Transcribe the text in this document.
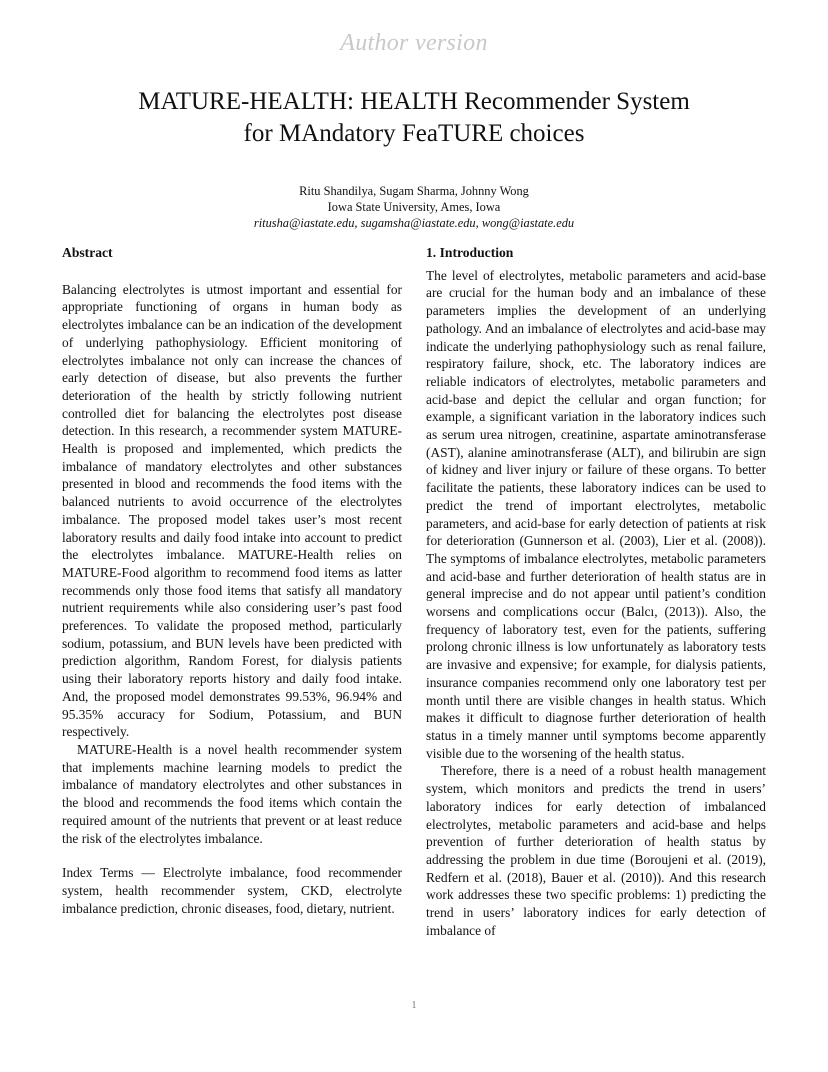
Author version
MATURE-HEALTH: HEALTH Recommender System
for MAndatory FeaTURE choices
Ritu Shandilya, Sugam Sharma, Johnny Wong
Iowa State University, Ames, Iowa
ritusha@iastate.edu, sugamsha@iastate.edu, wong@iastate.edu
Abstract

Balancing electrolytes is utmost important and essential for appropriate functioning of organs in human body as electrolytes imbalance can be an indication of the development of underlying pathophysiology. Efficient monitoring of electrolytes imbalance not only can increase the chances of early detection of disease, but also prevents the further deterioration of the health by strictly following nutrient controlled diet for balancing the electrolytes post disease detection. In this research, a recommender system MATURE-Health is proposed and implemented, which predicts the imbalance of mandatory electrolytes and other substances presented in blood and recommends the food items with the balanced nutrients to avoid occurrence of the electrolytes imbalance. The proposed model takes user’s most recent laboratory results and daily food intake into account to predict the electrolytes imbalance. MATURE-Health relies on MATURE-Food algorithm to recommend food items as latter recommends only those food items that satisfy all mandatory nutrient requirements while also considering user’s past food preferences. To validate the proposed method, particularly sodium, potassium, and BUN levels have been predicted with prediction algorithm, Random Forest, for dialysis patients using their laboratory reports history and daily food intake. And, the proposed model demonstrates 99.53%, 96.94% and 95.35% accuracy for Sodium, Potassium, and BUN respectively.

MATURE-Health is a novel health recommender system that implements machine learning models to predict the imbalance of mandatory electrolytes and other substances in the blood and recommends the food items which contain the required amount of the nutrients that prevent or at least reduce the risk of the electrolytes imbalance.

Index Terms — Electrolyte imbalance, food recommender system, health recommender system, CKD, electrolyte imbalance prediction, chronic diseases, food, dietary, nutrient.

1. Introduction

The level of electrolytes, metabolic parameters and acid-base are crucial for the human body and an imbalance of these parameters implies the development of an underlying pathology. And an imbalance of electrolytes and acid-base may indicate the underlying pathophysiology such as renal failure, respiratory failure, shock, etc. The laboratory indices are reliable indicators of electrolytes, metabolic parameters and acid-base and depict the cellular and organ function; for example, a significant variation in the laboratory indices such as serum urea nitrogen, creatinine, aspartate aminotransferase (AST), alanine aminotransferase (ALT), and bilirubin are sign of kidney and liver injury or failure of these organs. To better facilitate the patients, these laboratory indices can be used to predict the trend of important electrolytes, metabolic parameters, and acid-base for early detection of patients at risk for deterioration (Gunnerson et al. (2003), Lier et al. (2008)). The symptoms of imbalance electrolytes, metabolic parameters and acid-base and further deterioration of health status are in general imprecise and do not appear until patient’s condition worsens and complications occur (Balcı, (2013)). Also, the frequency of laboratory test, even for the patients, suffering prolong chronic illness is low unfortunately as laboratory tests are invasive and expensive; for example, for dialysis patients, insurance companies recommend only one laboratory test per month until there are visible changes in health status. Which makes it difficult to diagnose further deterioration of health status in a timely manner until symptoms become apparently visible due to the worsening of the health status.

Therefore, there is a need of a robust health management system, which monitors and predicts the trend in users’ laboratory indices for early detection of imbalanced electrolytes, metabolic parameters and acid-base and helps prevention of further deterioration of health status by addressing the problem in due time (Boroujeni et al. (2019), Redfern et al. (2018), Bauer et al. (2010)). And this research work addresses these two specific problems: 1) predicting the trend in users’ laboratory indices for early detection of imbalance of

1
